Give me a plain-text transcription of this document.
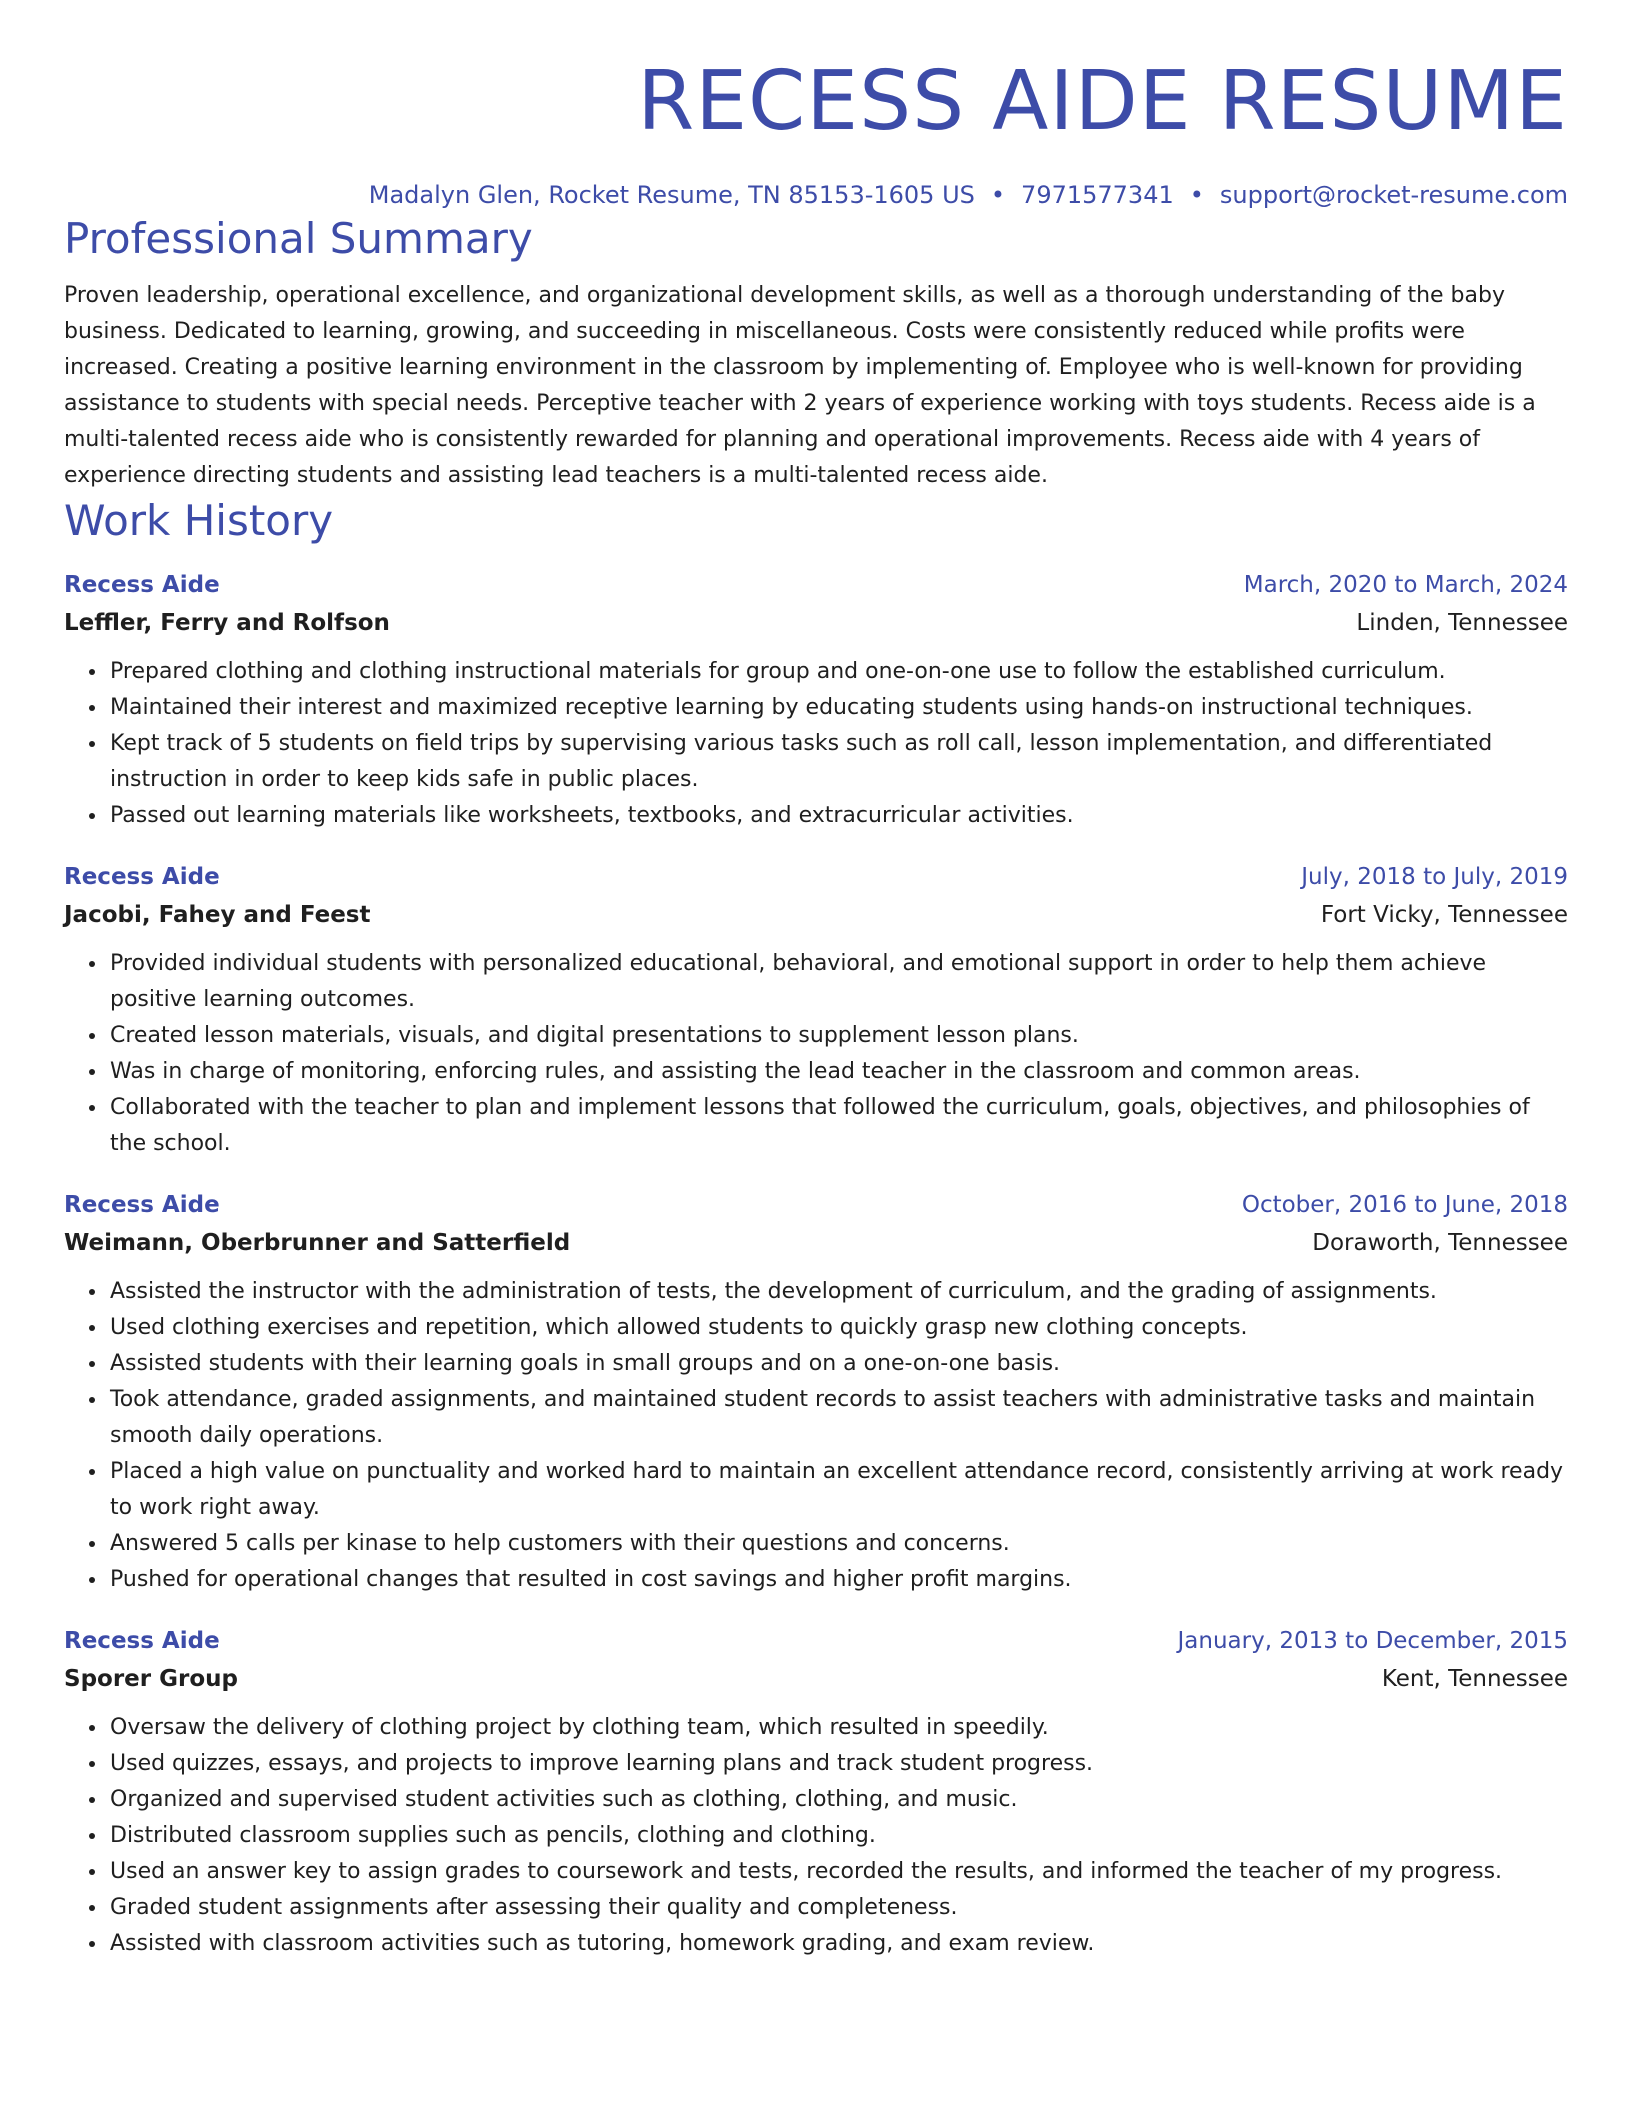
RECESS AIDE RESUME
Madalyn Glen, Rocket Resume, TN 85153-1605 US • 7971577341 • support@rocket-resume.com
Professional Summary

Proven leadership, operational excellence, and organizational development skills, as well as a thorough understanding of the baby business. Dedicated to learning, growing, and succeeding in miscellaneous. Costs were consistently reduced while profits were increased. Creating a positive learning environment in the classroom by implementing of. Employee who is well-known for providing assistance to students with special needs. Perceptive teacher with 2 years of experience working with toys students. Recess aide is a multi-talented recess aide who is consistently rewarded for planning and operational improvements. Recess aide with 4 years of experience directing students and assisting lead teachers is a multi-talented recess aide.

Work History
Recess Aide	March, 2020 to March, 2024
Leffler, Ferry and Rolfson	Linden, Tennessee
• Prepared clothing and clothing instructional materials for group and one-on-one use to follow the established curriculum.
• Maintained their interest and maximized receptive learning by educating students using hands-on instructional techniques.
• Kept track of 5 students on field trips by supervising various tasks such as roll call, lesson implementation, and differentiated instruction in order to keep kids safe in public places.
• Passed out learning materials like worksheets, textbooks, and extracurricular activities.
Recess Aide	July, 2018 to July, 2019
Jacobi, Fahey and Feest	Fort Vicky, Tennessee
• Provided individual students with personalized educational, behavioral, and emotional support in order to help them achieve positive learning outcomes.
• Created lesson materials, visuals, and digital presentations to supplement lesson plans.
• Was in charge of monitoring, enforcing rules, and assisting the lead teacher in the classroom and common areas.
• Collaborated with the teacher to plan and implement lessons that followed the curriculum, goals, objectives, and philosophies of the school.
Recess Aide	October, 2016 to June, 2018
Weimann, Oberbrunner and Satterfield	Doraworth, Tennessee
• Assisted the instructor with the administration of tests, the development of curriculum, and the grading of assignments.
• Used clothing exercises and repetition, which allowed students to quickly grasp new clothing concepts.
• Assisted students with their learning goals in small groups and on a one-on-one basis.
• Took attendance, graded assignments, and maintained student records to assist teachers with administrative tasks and maintain smooth daily operations.
• Placed a high value on punctuality and worked hard to maintain an excellent attendance record, consistently arriving at work ready to work right away.
• Answered 5 calls per kinase to help customers with their questions and concerns.
• Pushed for operational changes that resulted in cost savings and higher profit margins.
Recess Aide	January, 2013 to December, 2015
Sporer Group	Kent, Tennessee
• Oversaw the delivery of clothing project by clothing team, which resulted in speedily.
• Used quizzes, essays, and projects to improve learning plans and track student progress.
• Organized and supervised student activities such as clothing, clothing, and music.
• Distributed classroom supplies such as pencils, clothing and clothing.
• Used an answer key to assign grades to coursework and tests, recorded the results, and informed the teacher of my progress.
• Graded student assignments after assessing their quality and completeness.
• Assisted with classroom activities such as tutoring, homework grading, and exam review.
